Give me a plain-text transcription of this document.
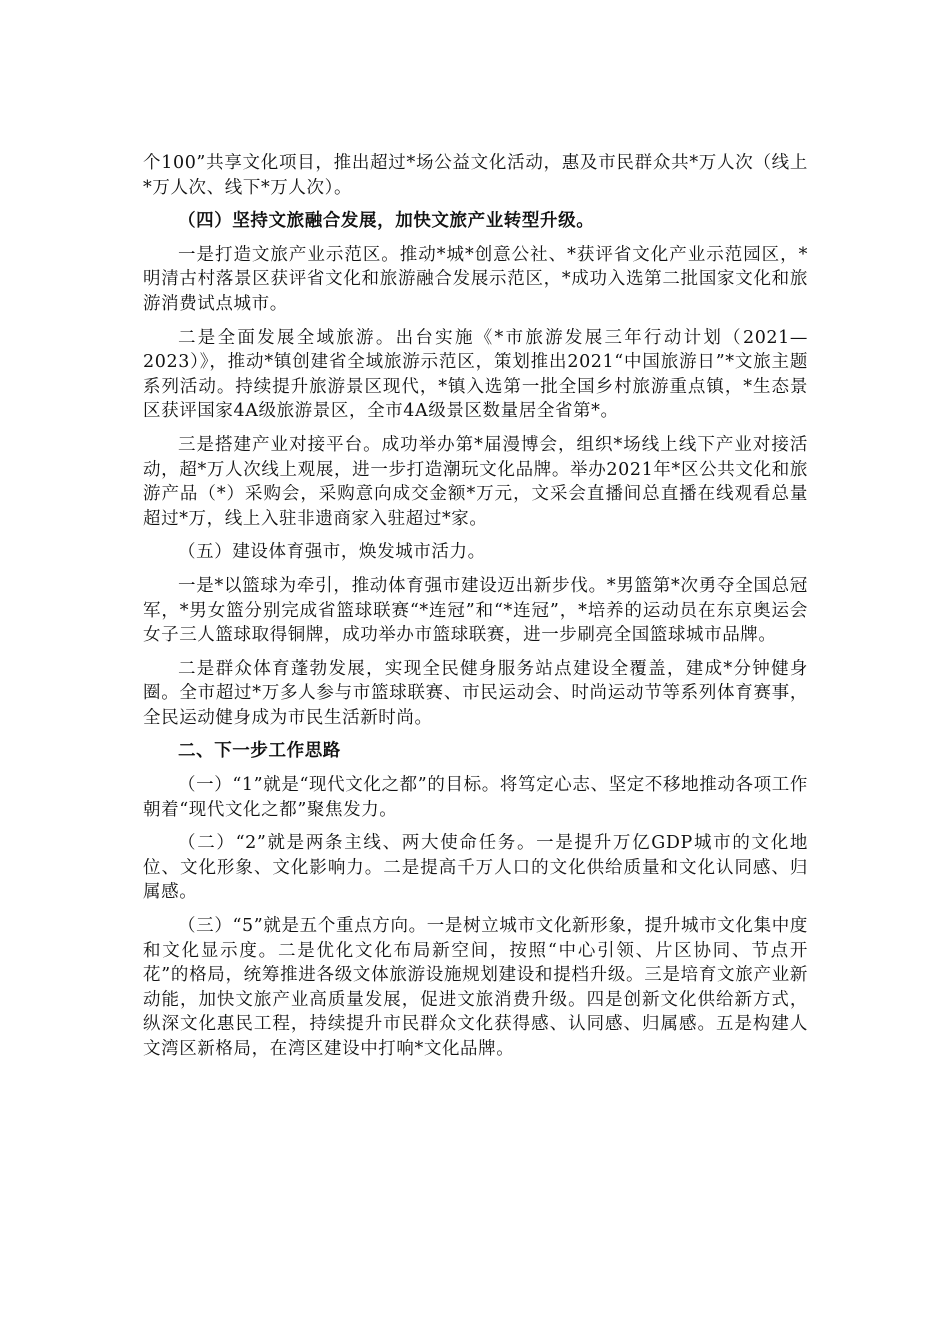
个100”共享文化项目，推出超过*场公益文化活动，惠及市民群众共*万人次（线上*万人次、线下*万人次）。

（四）坚持文旅融合发展，加快文旅产业转型升级。

一是打造文旅产业示范区。推动*城*创意公社、*获评省文化产业示范园区，*明清古村落景区获评省文化和旅游融合发展示范区，*成功入选第二批国家文化和旅游消费试点城市。

二是全面发展全域旅游。出台实施《*市旅游发展三年行动计划（2021—2023）》，推动*镇创建省全域旅游示范区，策划推出2021“中国旅游日”*文旅主题系列活动。持续提升旅游景区现代，*镇入选第一批全国乡村旅游重点镇，*生态景区获评国家4A级旅游景区，全市4A级景区数量居全省第*。

三是搭建产业对接平台。成功举办第*届漫博会，组织*场线上线下产业对接活动，超*万人次线上观展，进一步打造潮玩文化品牌。举办2021年*区公共文化和旅游产品（*）采购会，采购意向成交金额*万元，文采会直播间总直播在线观看总量超过*万，线上入驻非遗商家入驻超过*家。

（五）建设体育强市，焕发城市活力。

一是*以篮球为牵引，推动体育强市建设迈出新步伐。*男篮第*次勇夺全国总冠军，*男女篮分别完成省篮球联赛“*连冠”和“*连冠”，*培养的运动员在东京奥运会女子三人篮球取得铜牌，成功举办市篮球联赛，进一步刷亮全国篮球城市品牌。

二是群众体育蓬勃发展，实现全民健身服务站点建设全覆盖，建成*分钟健身圈。全市超过*万多人参与市篮球联赛、市民运动会、时尚运动节等系列体育赛事，全民运动健身成为市民生活新时尚。

二、下一步工作思路

（一）“1”就是“现代文化之都”的目标。将笃定心志、坚定不移地推动各项工作朝着“现代文化之都”聚焦发力。

（二）“2”就是两条主线、两大使命任务。一是提升万亿GDP城市的文化地位、文化形象、文化影响力。二是提高千万人口的文化供给质量和文化认同感、归属感。

（三）“5”就是五个重点方向。一是树立城市文化新形象，提升城市文化集中度和文化显示度。二是优化文化布局新空间，按照“中心引领、片区协同、节点开花”的格局，统筹推进各级文体旅游设施规划建设和提档升级。三是培育文旅产业新动能，加快文旅产业高质量发展，促进文旅消费升级。四是创新文化供给新方式，纵深文化惠民工程，持续提升市民群众文化获得感、认同感、归属感。五是构建人文湾区新格局，在湾区建设中打响*文化品牌。
